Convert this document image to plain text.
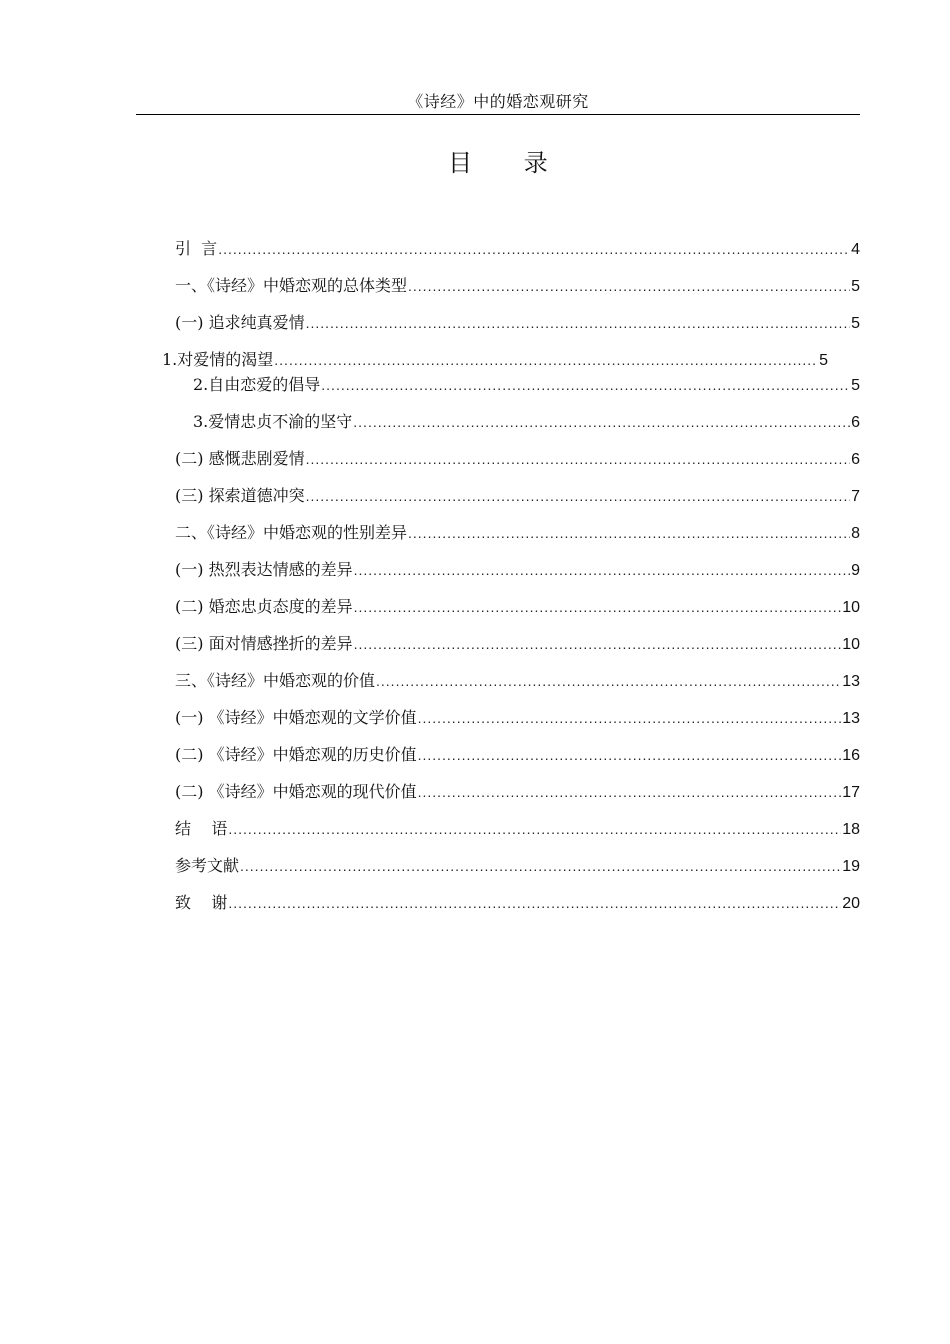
《诗经》中的婚恋观研究
目 录
引  言 .....	4
一、《诗经》中婚恋观的总体类型 .....	5
(一) 追求纯真爱情 .....	5
1.对爱情的渴望 .....	5
2.自由恋爱的倡导 .....	5
3.爱情忠贞不渝的坚守 .....	6
(二) 感慨悲剧爱情 .....	6
(三) 探索道德冲突 .....	7
二、《诗经》中婚恋观的性别差异 .....	8
(一) 热烈表达情感的差异 .....	9
(二) 婚恋忠贞态度的差异 .....	10
(三) 面对情感挫折的差异 .....	10
三、《诗经》中婚恋观的价值 .....	13
(一) 《诗经》中婚恋观的文学价值 .....	13
(二) 《诗经》中婚恋观的历史价值 .....	16
(二) 《诗经》中婚恋观的现代价值 .....	17
结    语 .....	18
参考文献 .....	19
致    谢 .....	20
